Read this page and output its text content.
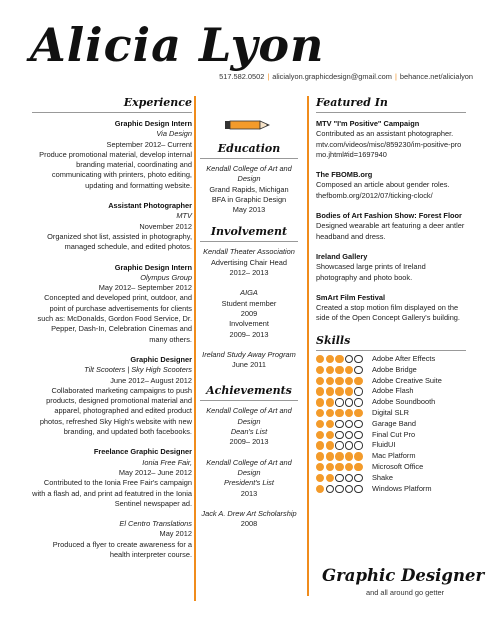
Alicia Lyon
517.582.0502 | alicialyon.graphicdesign@gmail.com | behance.net/alicialyon
Experience
Graphic Design Intern
Via Design
September 2012– Current
Produce promotional material, develop internal branding material, coordinating and communicating with printers, photo editing, updating and formatting website.
Assistant Photographer
MTV
November 2012
Organized shot list, assisted in photography, managed schedule, and edited photos.
Graphic Design Intern
Olympus Group
May 2012– September 2012
Concepted and developed print, outdoor, and point of purchase advertisements for clients such as: McDonalds, Gordon Food Service, Dr. Pepper, Dash-In, Celebration Cinemas and many others.
Graphic Designer
Tilt Scooters | Sky High Scooters
June 2012– August 2012
Collaborated marketing campaigns to push products, designed promotional material and apparel, photographed and edited product photos, refreshed Sky High's website with new branding, and updated both facebooks.
Freelance Graphic Designer
Ionia Free Fair,
May 2012– June 2012
Contributed to the Ionia Free Fair's campaign with a flash ad, and print ad featutred in the Ionia Sentinel newspaper ad.
El Centro Translations
May 2012
Produced a flyer to create awareness for a health interpreter course.
Education
Kendall College of Art and Design
Grand Rapids, Michigan
BFA in Graphic Design
May 2013
Involvement
Kendall Theater Association
Advertising Chair Head
2012– 2013
AIGA
Student member
2009
Involvement
2009– 2013
Ireland Study Away Program
June 2011
Achievements
Kendall College of Art and Design
Dean's List
2009– 2013
Kendall College of Art and Design
President's List
2013
Jack A. Drew Art Scholarship
2008
Featured In
MTV "I'm Positive" Campaign
Contributed as an assistant photographer.
mtv.com/videos/misc/859230/im-positive-promo.jhtml#id=1697940
The FBOMB.org
Composed an article about gender roles.
thefbomb.org/2012/07/ticking-clock/
Bodies of Art Fashion Show: Forest Floor
Designed wearable art featuring a deer antler headband and dress.
Ireland Gallery
Showcased large prints of Ireland photography and photo book.
SmArt Film Festival
Created a stop motion film displayed on the side of the Open Concept Gallery's building.
Skills
Adobe After Effects
Adobe Bridge
Adobe Creative Suite
Adobe Flash
Adobe Soundbooth
Digital SLR
Garage Band
Final Cut Pro
FluidUI
Mac Platform
Microsoft Office
Shake
Windows Platform
Graphic Designer
and all around go getter
